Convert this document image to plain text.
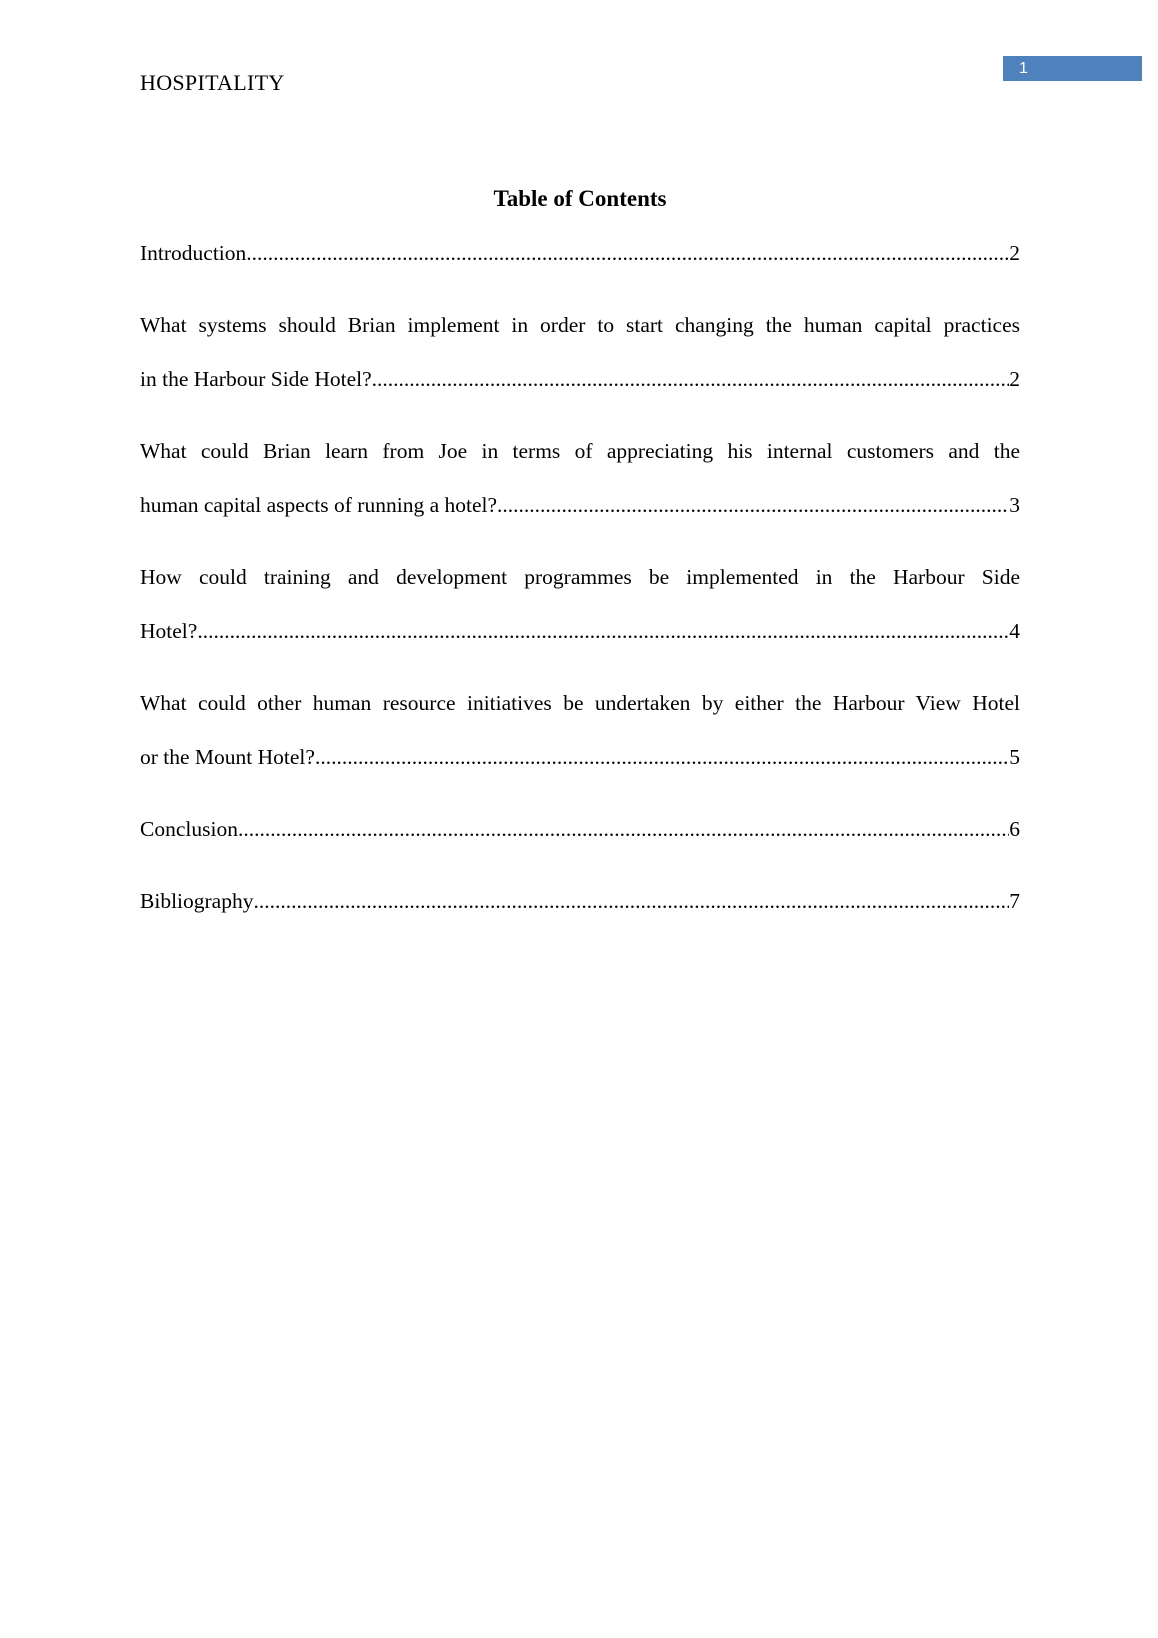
HOSPITALITY
1
Table of Contents
Introduction .....	2
What systems should Brian implement in order to start changing the human capital practices
in the Harbour Side Hotel? .....	2
What could Brian learn from Joe in terms of appreciating his internal customers and the
human capital aspects of running a hotel? .....	3
How could training and development programmes be implemented in the Harbour Side
Hotel? .....	4
What could other human resource initiatives be undertaken by either the Harbour View Hotel
or the Mount Hotel? .....	5
Conclusion .....	6
Bibliography .....	7
